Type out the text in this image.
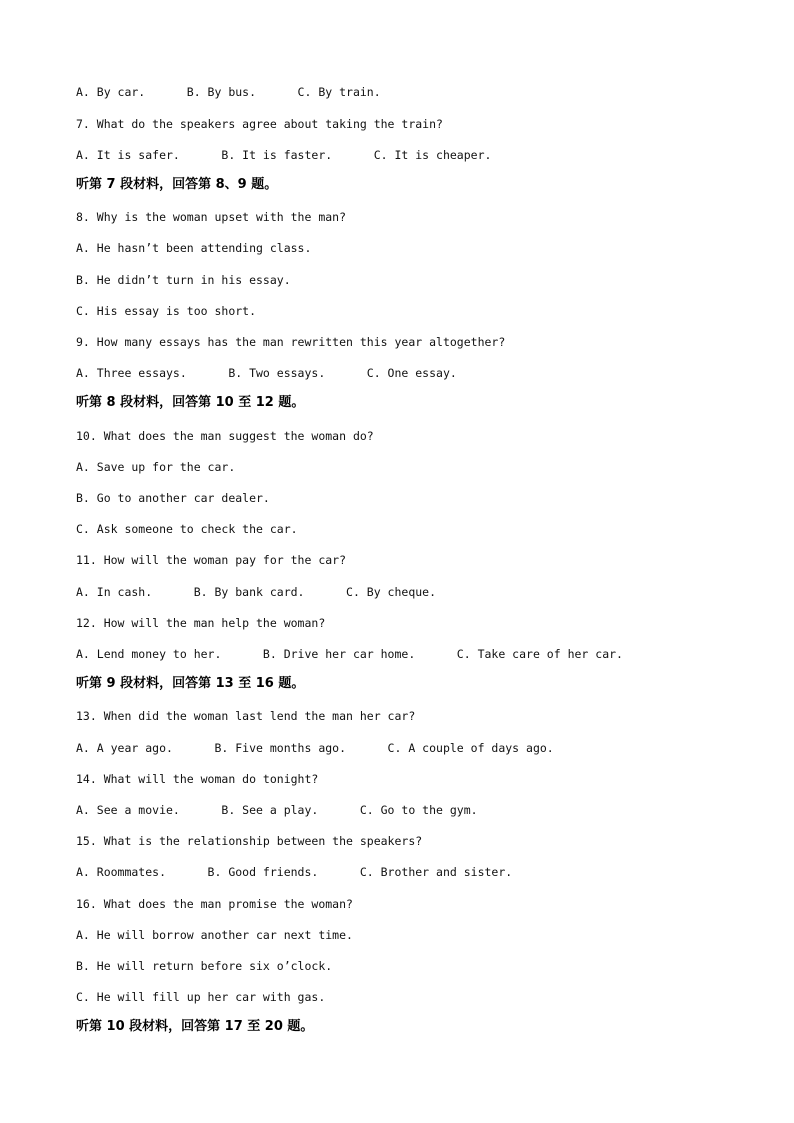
A. By car.      B. By bus.      C. By train.
7. What do the speakers agree about taking the train?
A. It is safer.      B. It is faster.      C. It is cheaper.
听第 7 段材料，回答第 8、9 题。
8. Why is the woman upset with the man?
A. He hasn’t been attending class.
B. He didn’t turn in his essay.
C. His essay is too short.
9. How many essays has the man rewritten this year altogether?
A. Three essays.      B. Two essays.      C. One essay.
听第 8 段材料，回答第 10 至 12 题。
10. What does the man suggest the woman do?
A. Save up for the car.
B. Go to another car dealer.
C. Ask someone to check the car.
11. How will the woman pay for the car?
A. In cash.      B. By bank card.      C. By cheque.
12. How will the man help the woman?
A. Lend money to her.      B. Drive her car home.      C. Take care of her car.
听第 9 段材料，回答第 13 至 16 题。
13. When did the woman last lend the man her car?
A. A year ago.      B. Five months ago.      C. A couple of days ago.
14. What will the woman do tonight?
A. See a movie.      B. See a play.      C. Go to the gym.
15. What is the relationship between the speakers?
A. Roommates.      B. Good friends.      C. Brother and sister.
16. What does the man promise the woman?
A. He will borrow another car next time.
B. He will return before six o’clock.
C. He will fill up her car with gas.
听第 10 段材料，回答第 17 至 20 题。
